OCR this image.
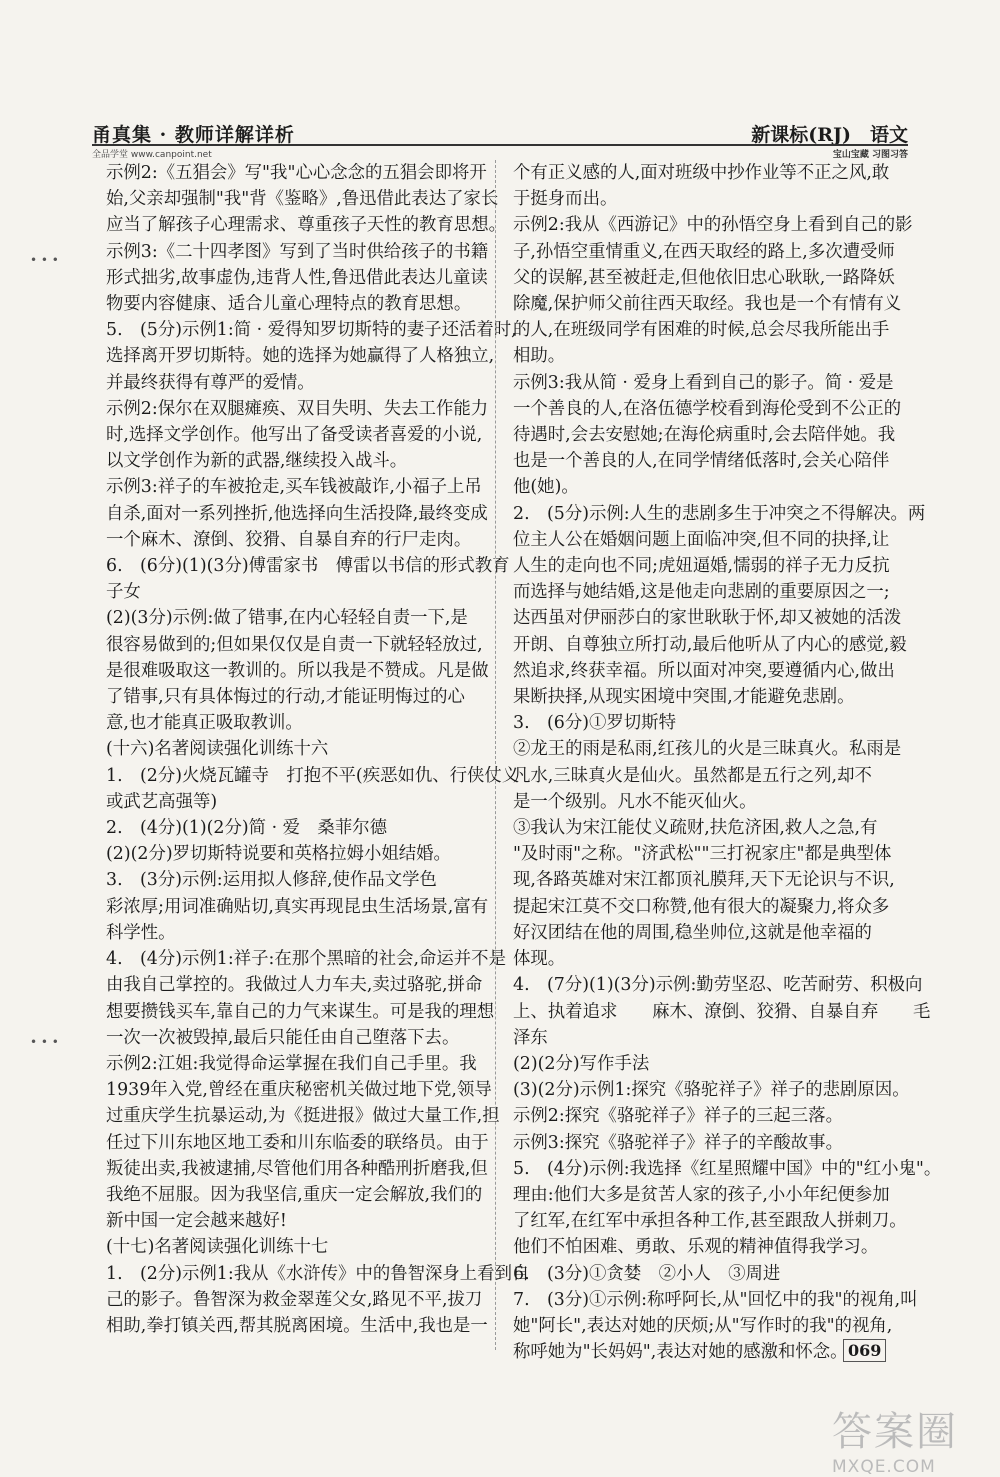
甬真集 · 教师详解详析	新课标(RJ)　语文
全品学堂 www.canpoint.net	宝山宝藏 习图习答
• • •
• • •
示例2:《五猖会》写"我"心心念念的五猖会即将开
始,父亲却强制"我"背《鉴略》,鲁迅借此表达了家长
应当了解孩子心理需求、尊重孩子天性的教育思想。
示例3:《二十四孝图》写到了当时供给孩子的书籍
形式拙劣,故事虚伪,违背人性,鲁迅借此表达儿童读
物要内容健康、适合儿童心理特点的教育思想。
5.　(5分)示例1:简 · 爱得知罗切斯特的妻子还活着时,
选择离开罗切斯特。她的选择为她赢得了人格独立,
并最终获得有尊严的爱情。
示例2:保尔在双腿瘫痪、双目失明、失去工作能力
时,选择文学创作。他写出了备受读者喜爱的小说,
以文学创作为新的武器,继续投入战斗。
示例3:祥子的车被抢走,买车钱被敲诈,小福子上吊
自杀,面对一系列挫折,他选择向生活投降,最终变成
一个麻木、潦倒、狡猾、自暴自弃的行尸走肉。
6.　(6分)(1)(3分)傅雷家书　傅雷以书信的形式教育
子女
(2)(3分)示例:做了错事,在内心轻轻自责一下,是
很容易做到的;但如果仅仅是自责一下就轻轻放过,
是很难吸取这一教训的。所以我是不赞成。凡是做
了错事,只有具体悔过的行动,才能证明悔过的心
意,也才能真正吸取教训。
(十六)名著阅读强化训练十六
1.　(2分)火烧瓦罐寺　打抱不平(疾恶如仇、行侠仗义
或武艺高强等)
2.　(4分)(1)(2分)简 · 爱　桑菲尔德
(2)(2分)罗切斯特说要和英格拉姆小姐结婚。
3.　(3分)示例:运用拟人修辞,使作品文学色
彩浓厚;用词准确贴切,真实再现昆虫生活场景,富有
科学性。
4.　(4分)示例1:祥子:在那个黑暗的社会,命运并不是
由我自己掌控的。我做过人力车夫,卖过骆驼,拼命
想要攒钱买车,靠自己的力气来谋生。可是我的理想
一次一次被毁掉,最后只能任由自己堕落下去。
示例2:江姐:我觉得命运掌握在我们自己手里。我
1939年入党,曾经在重庆秘密机关做过地下党,领导
过重庆学生抗暴运动,为《挺进报》做过大量工作,担
任过下川东地区地工委和川东临委的联络员。由于
叛徒出卖,我被逮捕,尽管他们用各种酷刑折磨我,但
我绝不屈服。因为我坚信,重庆一定会解放,我们的
新中国一定会越来越好!
(十七)名著阅读强化训练十七
1.　(2分)示例1:我从《水浒传》中的鲁智深身上看到自
己的影子。鲁智深为救金翠莲父女,路见不平,拔刀
相助,拳打镇关西,帮其脱离困境。生活中,我也是一
个有正义感的人,面对班级中抄作业等不正之风,敢
于挺身而出。
示例2:我从《西游记》中的孙悟空身上看到自己的影
子,孙悟空重情重义,在西天取经的路上,多次遭受师
父的误解,甚至被赶走,但他依旧忠心耿耿,一路降妖
除魔,保护师父前往西天取经。我也是一个有情有义
的人,在班级同学有困难的时候,总会尽我所能出手
相助。
示例3:我从简 · 爱身上看到自己的影子。简 · 爱是
一个善良的人,在洛伍德学校看到海伦受到不公正的
待遇时,会去安慰她;在海伦病重时,会去陪伴她。我
也是一个善良的人,在同学情绪低落时,会关心陪伴
他(她)。
2.　(5分)示例:人生的悲剧多生于冲突之不得解决。两
位主人公在婚姻问题上面临冲突,但不同的抉择,让
人生的走向也不同;虎妞逼婚,懦弱的祥子无力反抗
而选择与她结婚,这是他走向悲剧的重要原因之一;
达西虽对伊丽莎白的家世耿耿于怀,却又被她的活泼
开朗、自尊独立所打动,最后他听从了内心的感觉,毅
然追求,终获幸福。所以面对冲突,要遵循内心,做出
果断抉择,从现实困境中突围,才能避免悲剧。
3.　(6分)①罗切斯特
②龙王的雨是私雨,红孩儿的火是三昧真火。私雨是
凡水,三昧真火是仙火。虽然都是五行之列,却不
是一个级别。凡水不能灭仙火。
③我认为宋江能仗义疏财,扶危济困,救人之急,有
"及时雨"之称。"济武松""三打祝家庄"都是典型体
现,各路英雄对宋江都顶礼膜拜,天下无论识与不识,
提起宋江莫不交口称赞,他有很大的凝聚力,将众多
好汉团结在他的周围,稳坐帅位,这就是他幸福的
体现。
4.　(7分)(1)(3分)示例:勤劳坚忍、吃苦耐劳、积极向
上、执着追求　　麻木、潦倒、狡猾、自暴自弃　　毛
泽东
(2)(2分)写作手法
(3)(2分)示例1:探究《骆驼祥子》祥子的悲剧原因。
示例2:探究《骆驼祥子》祥子的三起三落。
示例3:探究《骆驼祥子》祥子的辛酸故事。
5.　(4分)示例:我选择《红星照耀中国》中的"红小鬼"。
理由:他们大多是贫苦人家的孩子,小小年纪便参加
了红军,在红军中承担各种工作,甚至跟敌人拼刺刀。
他们不怕困难、勇敢、乐观的精神值得我学习。
6.　(3分)①贪婪　②小人　③周进
7.　(3分)①示例:称呼阿长,从"回忆中的我"的视角,叫
她"阿长",表达对她的厌烦;从"写作时的我"的视角,
称呼她为"长妈妈",表达对她的感激和怀念。 069
答案圈
MXQE.COM
